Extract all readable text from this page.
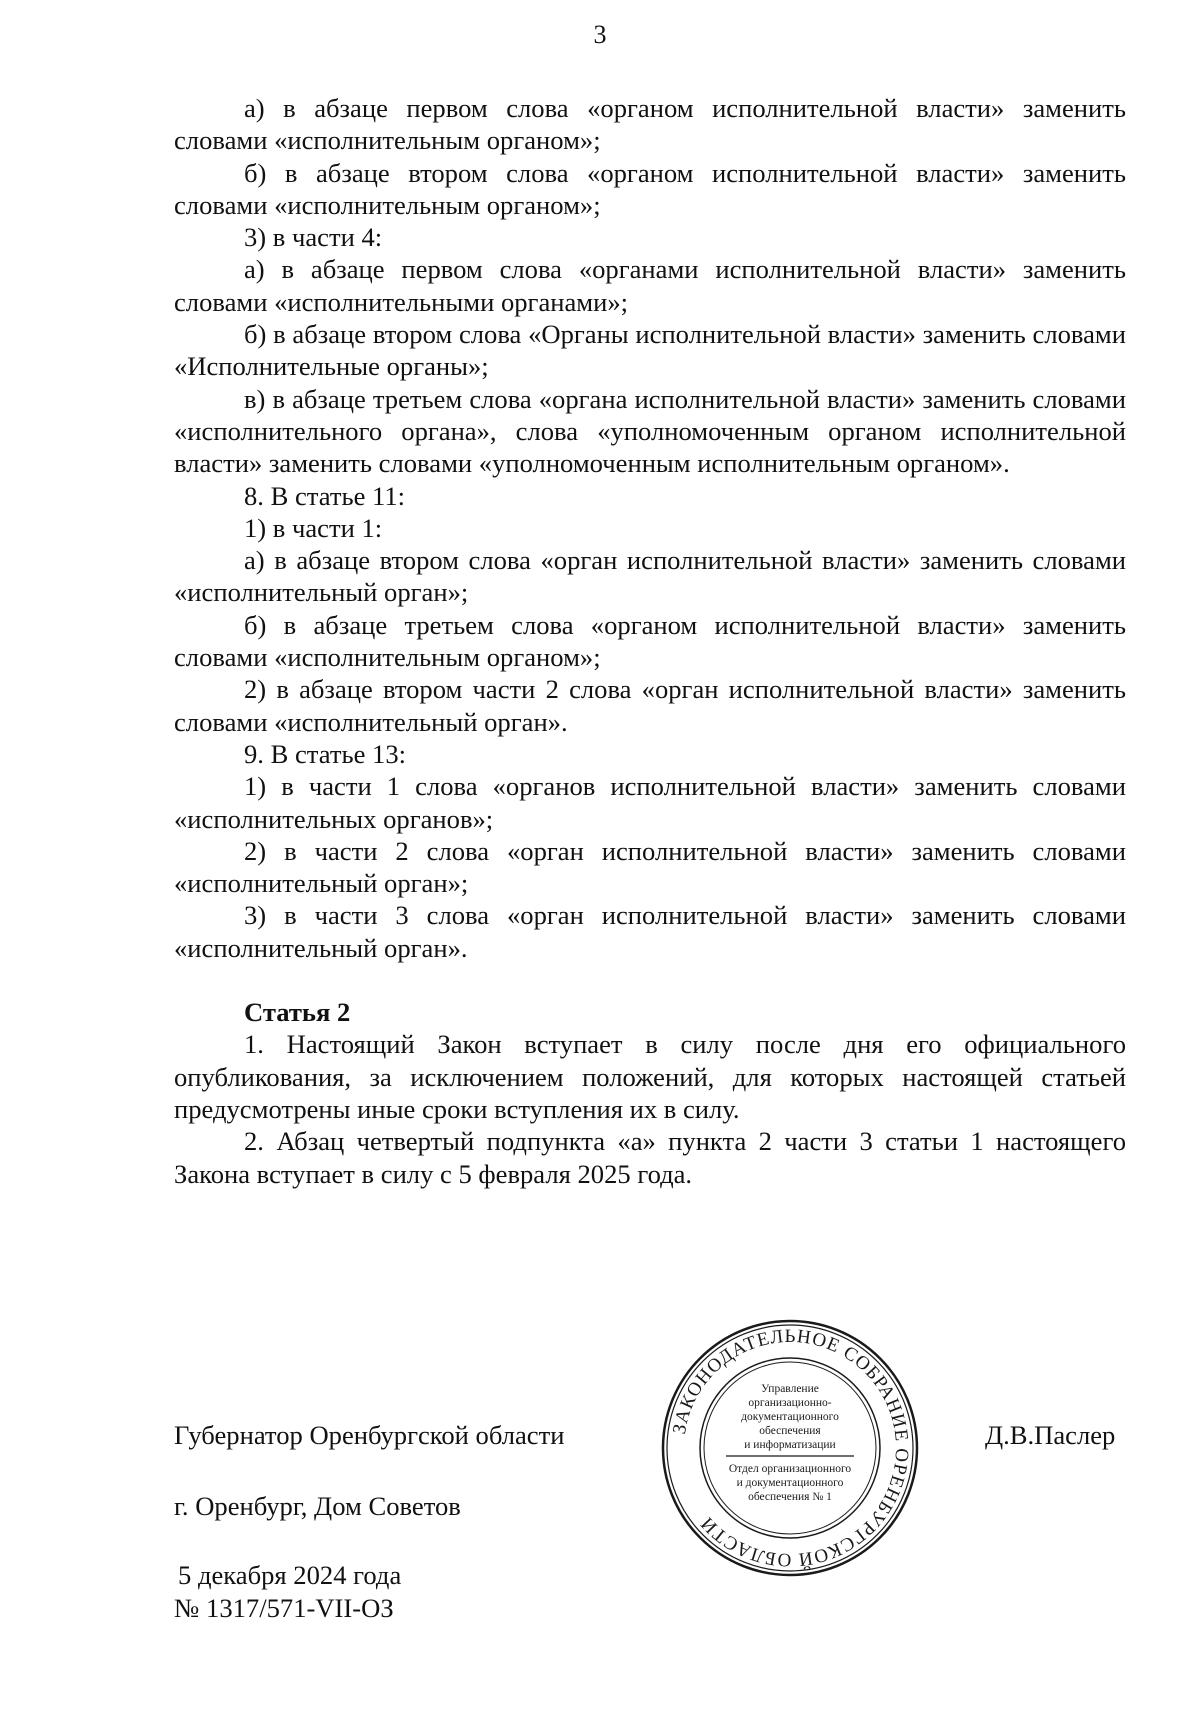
3

а) в абзаце первом слова «органом исполнительной власти» заменить словами «исполнительным органом»;

б) в абзаце втором слова «органом исполнительной власти» заменить словами «исполнительным органом»;

3) в части 4:

а) в абзаце первом слова «органами исполнительной власти» заменить словами «исполнительными органами»;

б) в абзаце втором слова «Органы исполнительной власти» заменить словами «Исполнительные органы»;

в) в абзаце третьем слова «органа исполнительной власти» заменить словами «исполнительного органа», слова «уполномоченным органом исполнительной власти» заменить словами «уполномоченным исполнительным органом».

8. В статье 11:

1) в части 1:

а) в абзаце втором слова «орган исполнительной власти» заменить словами «исполнительный орган»;

б) в абзаце третьем слова «органом исполнительной власти» заменить словами «исполнительным органом»;

2) в абзаце втором части 2 слова «орган исполнительной власти» заменить словами «исполнительный орган».

9. В статье 13:

1) в части 1 слова «органов исполнительной власти» заменить словами «исполнительных органов»;

2) в части 2 слова «орган исполнительной власти» заменить словами «исполнительный орган»;

3) в части 3 слова «орган исполнительной власти» заменить словами «исполнительный орган».

Статья 2

1. Настоящий Закон вступает в силу после дня его официального опубликования, за исключением положений, для которых настоящей статьей предусмотрены иные сроки вступления их в силу.

2. Абзац четвертый подпункта «а» пункта 2 части 3 статьи 1 настоящего Закона вступает в силу с 5 февраля 2025 года.

Губернатор Оренбургской области	Д.В.Паслер
г. Оренбург, Дом Советов
5 декабря 2024 года
№ 1317/571-VII-ОЗ
ЗАКОНОДАТЕЛЬНОЕ СОБРАНИЕ ОРЕНБУРГСКОЙ ОБЛАСТИ
Управление
организационно-
документационного
обеспечения
и информатизации
Отдел организационного
и документационного
обеспечения № 1
